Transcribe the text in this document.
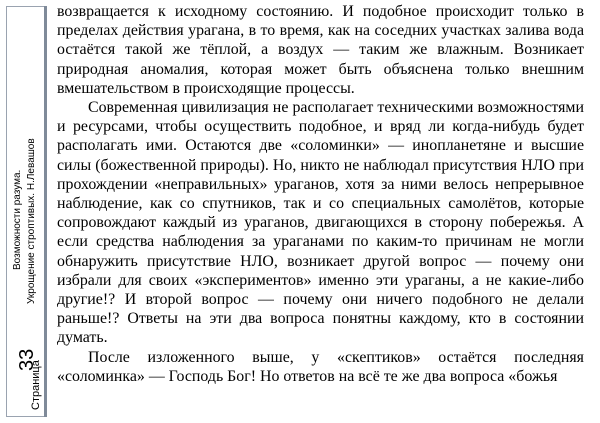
Возможности разума. Укрощение строптивых. Н.Левашов
Страница
33

возвращается к исходному состоянию. И подобное происходит только в пределах действия урагана, в то время, как на соседних участках залива вода остаётся такой же тёплой, а воздух — таким же влажным. Возникает природная аномалия, которая может быть объяснена только внешним вмешательством в происходящие процессы.

Современная цивилизация не располагает техническими возможностями и ресурсами, чтобы осуществить подобное, и вряд ли когда-нибудь будет располагать ими. Остаются две «соломинки» — инопланетяне и высшие силы (божественной природы). Но, никто не наблюдал присутствия НЛО при прохождении «неправильных» ураганов, хотя за ними велось непрерывное наблюдение, как со спутников, так и со специальных самолётов, которые сопровождают каждый из ураганов, двигающихся в сторону побережья. А если средства наблюдения за ураганами по каким-то причинам не могли обнаружить присутствие НЛО, возникает другой вопрос — почему они избрали для своих «экспериментов» именно эти ураганы, а не какие-либо другие!? И второй вопрос — почему они ничего подобного не делали раньше!? Ответы на эти два вопроса понятны каждому, кто в состоянии думать.

После изложенного выше, у «скептиков» остаётся последняя «соломинка» — Господь Бог! Но ответов на всё те же два вопроса «божья
